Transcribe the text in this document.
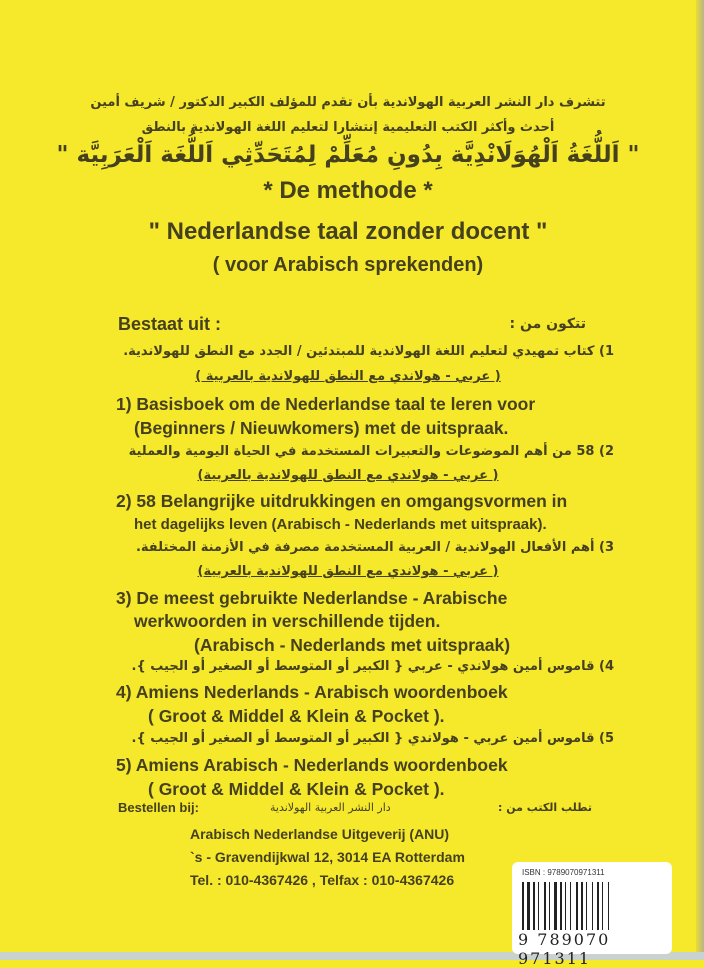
تتشرف دار النشر العربية الهولاندية بأن تقدم للمؤلف الكبير الدكتور / شريف أمين
أحدث وأكثر الكتب التعليمية إنتشارا لتعليم اللغة الهولاندية بالنطق
" اَللُّغَةُ اَلْهُوَلَانْدِيَّة بِدُونِ مُعَلِّمْ لِمُتَحَدِّثِي اَللُّغَة اَلْعَرَبِيَّة "
* De methode *
" Nederlandse taal zonder docent "
( voor Arabisch sprekenden)
Bestaat uit :	تتكون من :
1) كتاب تمهيدي لتعليم اللغة الهولاندية للمبتدئين / الجدد مع النطق للهولاندية.
( عربي - هولاندي مع النطق للهولاندية بالعربية )
1) Basisboek om de Nederlandse taal te leren voor
(Beginners / Nieuwkomers) met de uitspraak.
2) 58 من أهم الموضوعات والتعبيرات المستخدمة في الحياة اليومية والعملية
( عربي - هولاندي مع النطق للهولاندية بالعربية)
2) 58 Belangrijke uitdrukkingen en omgangsvormen in
het dagelijks leven (Arabisch - Nederlands met uitspraak).
3) أهم الأفعال الهولاندية / العربية المستخدمة مصرفة في الأزمنة المختلفة.
( عربي - هولاندي مع النطق للهولاندية بالعربية)
3) De meest gebruikte Nederlandse - Arabische
werkwoorden in verschillende tijden.
(Arabisch - Nederlands met uitspraak)
4) قاموس أمين هولاندي - عربي { الكبير أو المتوسط أو الصغير أو الجيب }.
4) Amiens Nederlands - Arabisch woordenboek
( Groot & Middel & Klein & Pocket ).
5) قاموس أمين عربي - هولاندي { الكبير أو المتوسط أو الصغير أو الجيب }.
5) Amiens Arabisch - Nederlands woordenboek
( Groot & Middel & Klein & Pocket ).
Bestellen bij:	دار النشر العربية الهولاندية	تطلب الكتب من :
Arabisch Nederlandse Uitgeverij (ANU)
`s - Gravendijkwal 12, 3014 EA Rotterdam
Tel. : 010-4367426 , Telfax : 010-4367426	ISBN : 9789070971311
9 789070 971311
